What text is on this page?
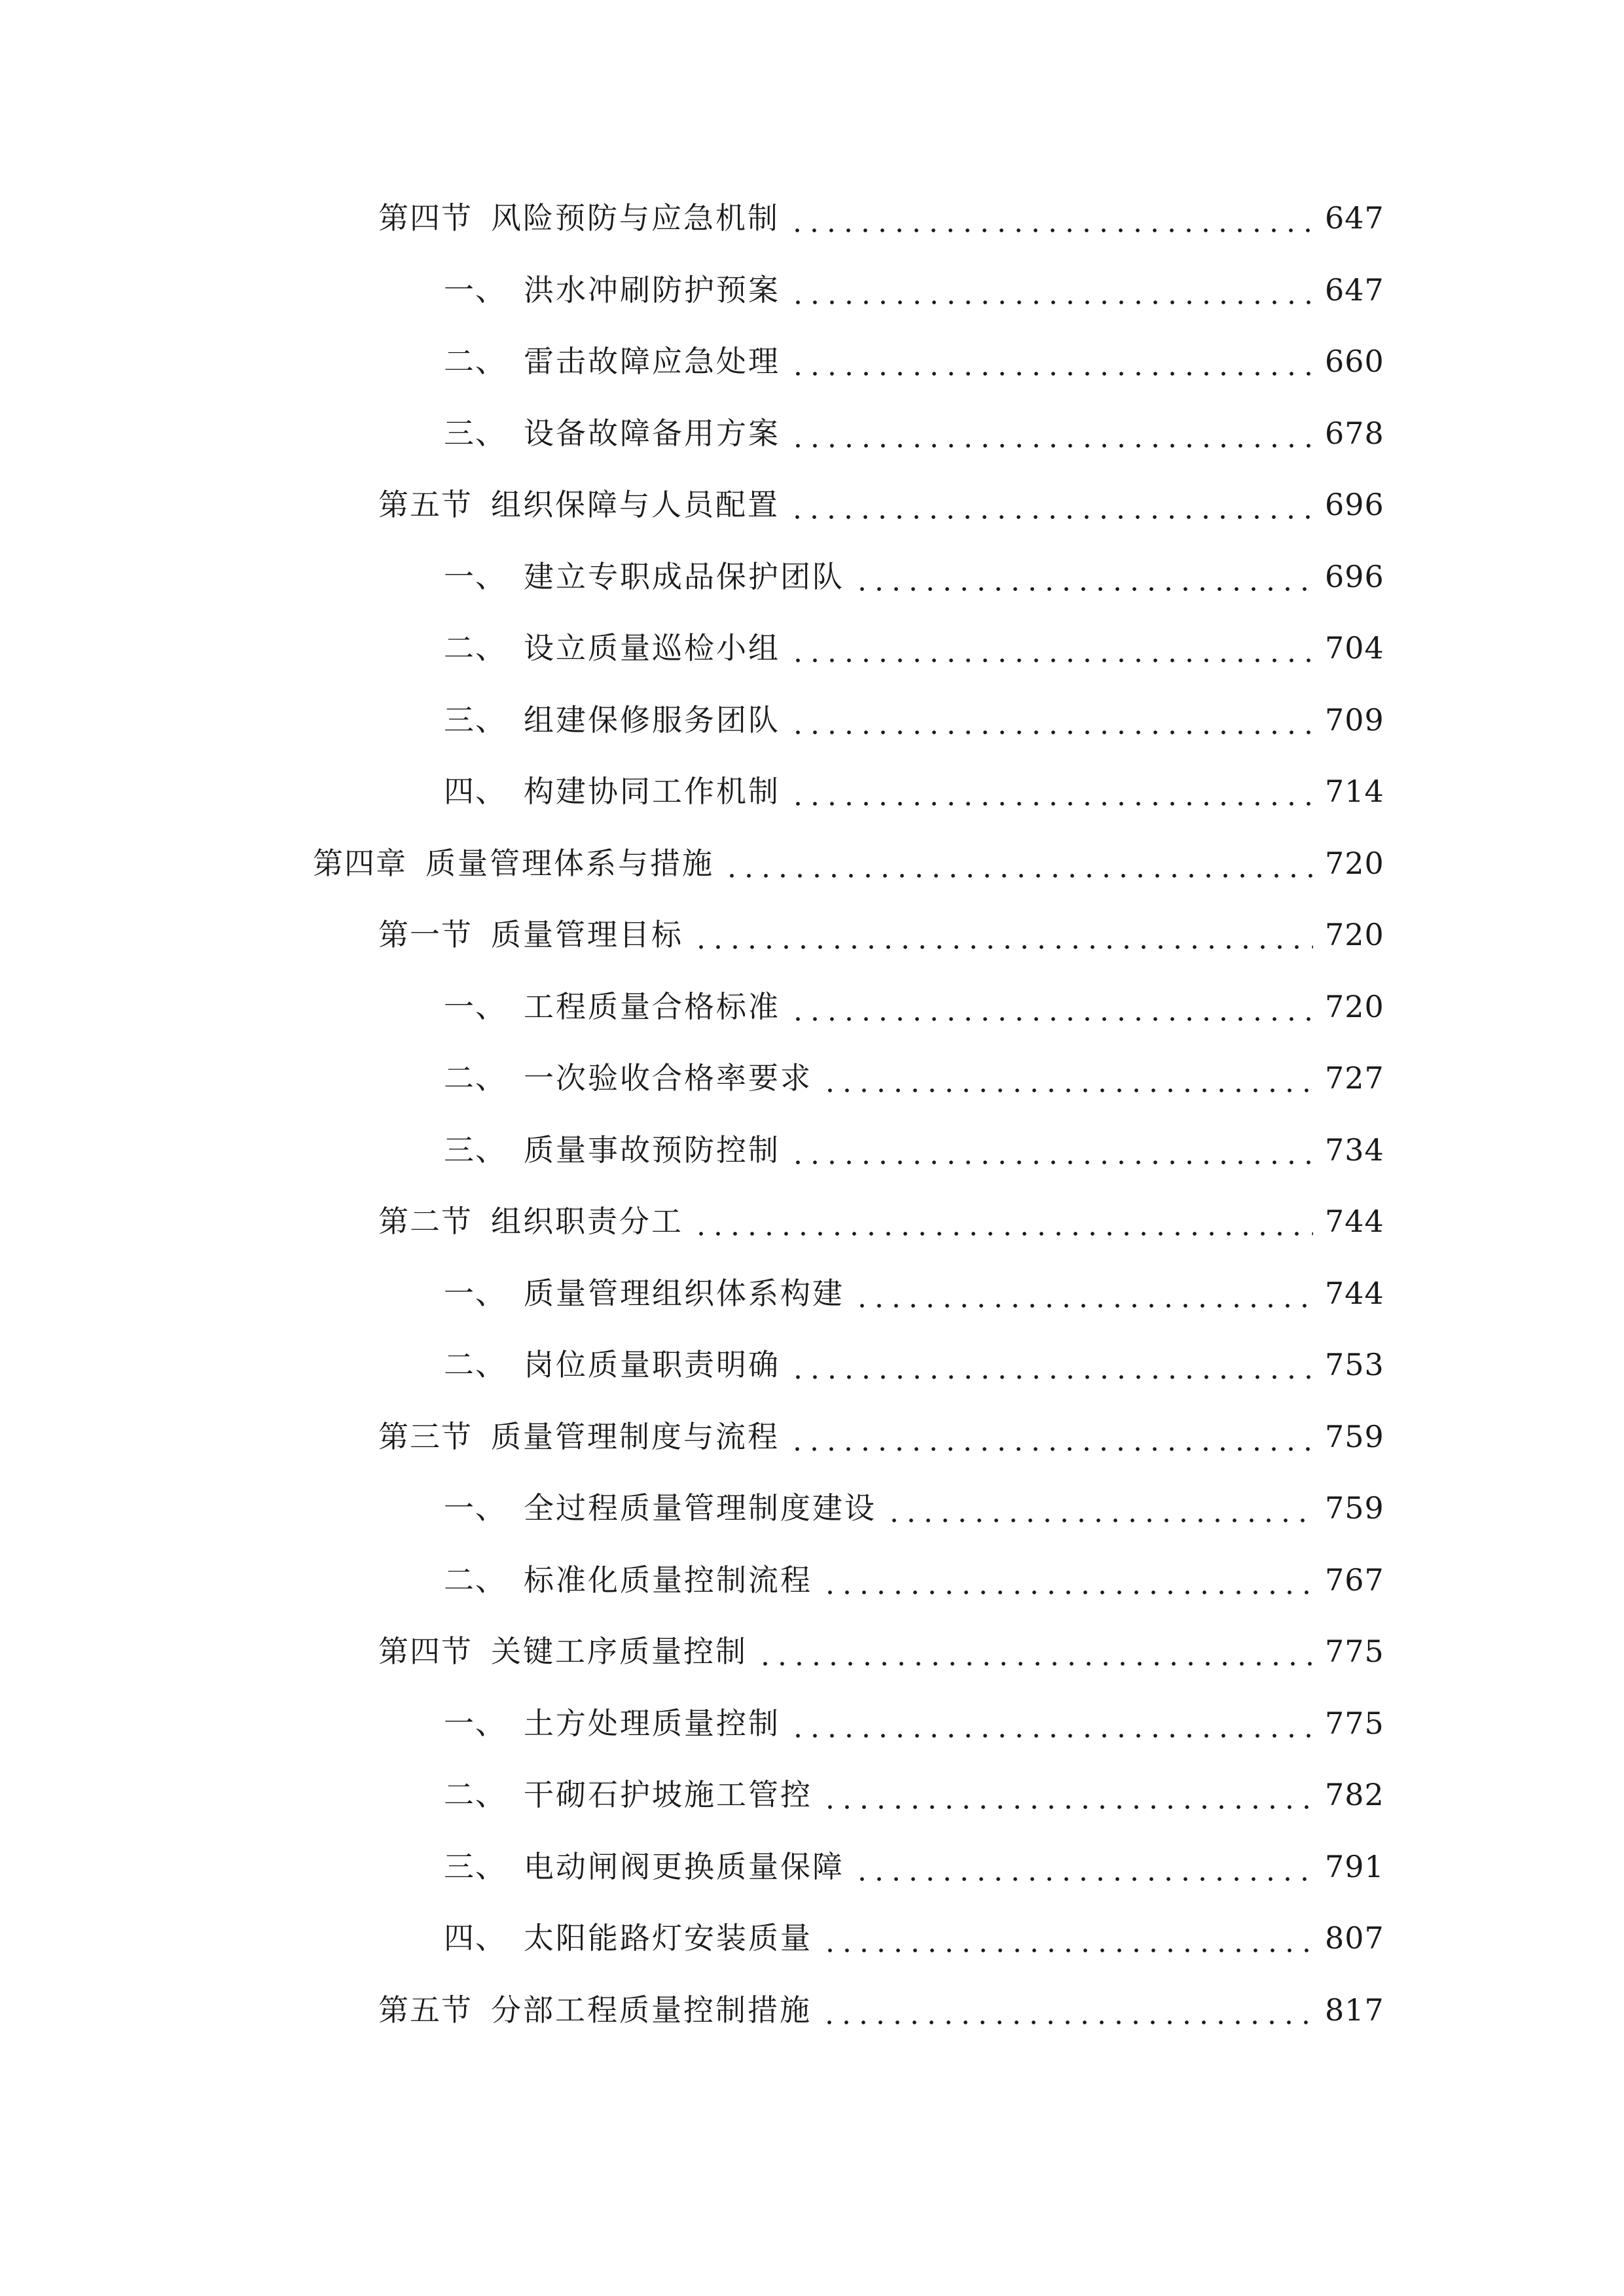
第四节 风险预防与应急机制	647
一、 洪水冲刷防护预案	647
二、 雷击故障应急处理	660
三、 设备故障备用方案	678
第五节 组织保障与人员配置	696
一、 建立专职成品保护团队	696
二、 设立质量巡检小组	704
三、 组建保修服务团队	709
四、 构建协同工作机制	714
第四章 质量管理体系与措施	720
第一节 质量管理目标	720
一、 工程质量合格标准	720
二、 一次验收合格率要求	727
三、 质量事故预防控制	734
第二节 组织职责分工	744
一、 质量管理组织体系构建	744
二、 岗位质量职责明确	753
第三节 质量管理制度与流程	759
一、 全过程质量管理制度建设	759
二、 标准化质量控制流程	767
第四节 关键工序质量控制	775
一、 土方处理质量控制	775
二、 干砌石护坡施工管控	782
三、 电动闸阀更换质量保障	791
四、 太阳能路灯安装质量	807
第五节 分部工程质量控制措施	817
